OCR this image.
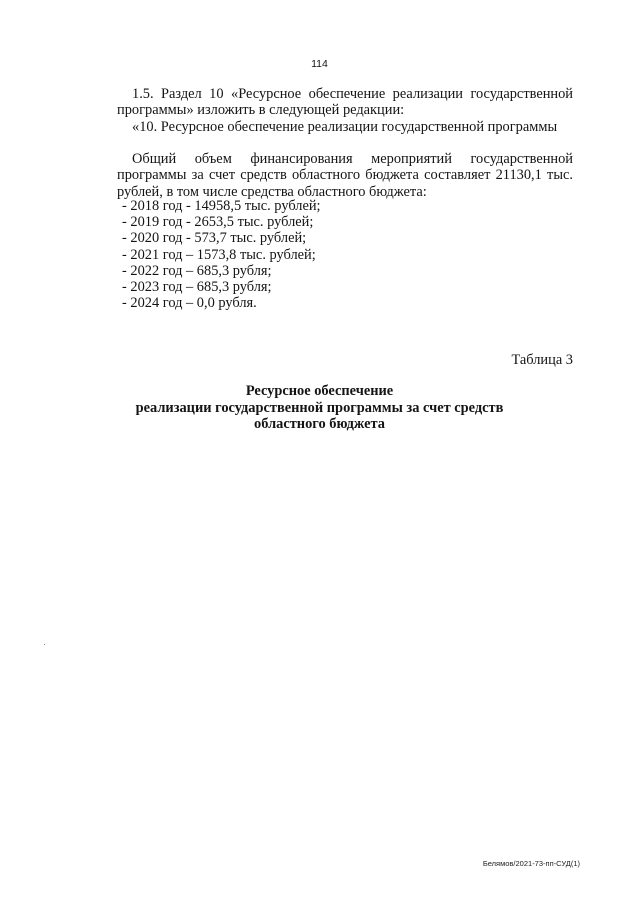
114
1.5. Раздел 10 «Ресурсное обеспечение реализации государственной
программы» изложить в следующей редакции:
«10. Ресурсное обеспечение реализации государственной программы
Общий объем финансирования мероприятий государственной
программы за счет средств областного бюджета составляет 21130,1 тыс.
рублей, в том числе средства областного бюджета:
- 2018 год - 14958,5 тыс. рублей;
- 2019 год - 2653,5 тыс. рублей;
- 2020 год - 573,7 тыс. рублей;
- 2021 год – 1573,8 тыс. рублей;
- 2022 год – 685,3 рубля;
- 2023 год – 685,3 рубля;
- 2024 год – 0,0 рубля.
Таблица 3
Ресурсное обеспечение
реализации государственной программы за счет средств
областного бюджета
Белямов/2021-73-пп-СУД(1)
